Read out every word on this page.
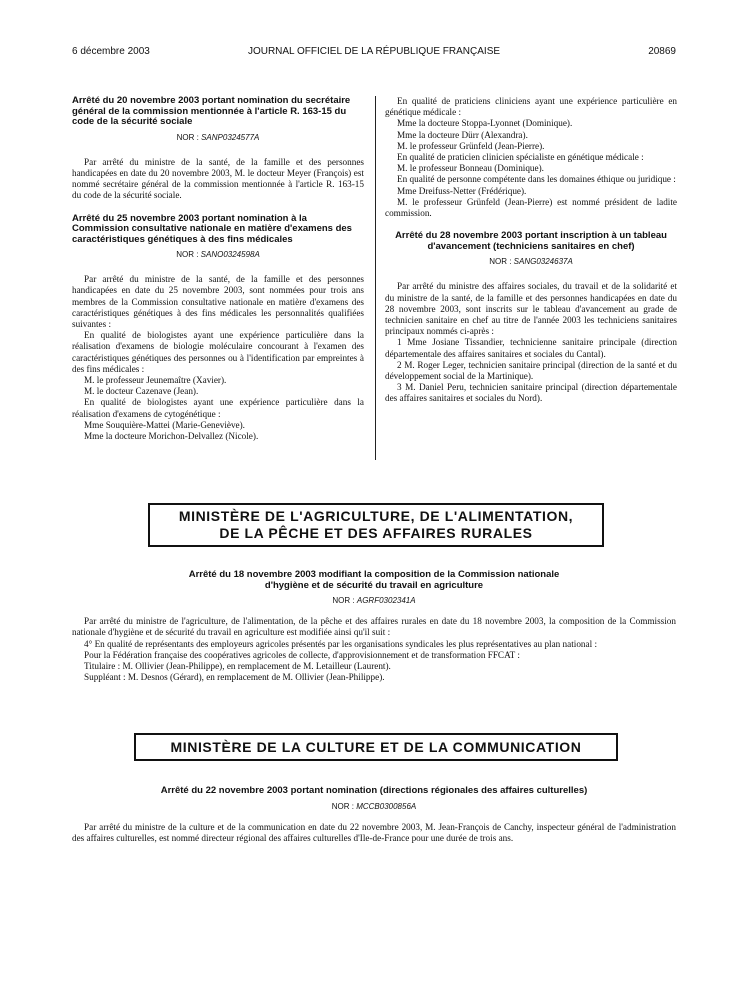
6 décembre 2003	JOURNAL OFFICIEL DE LA RÉPUBLIQUE FRANÇAISE	20869
Arrêté du 20 novembre 2003 portant nomination du secrétaire général de la commission mentionnée à l'article R. 163-15 du code de la sécurité sociale

NOR : SANP0324577A

Par arrêté du ministre de la santé, de la famille et des personnes handicapées en date du 20 novembre 2003, M. le docteur Meyer (François) est nommé secrétaire général de la commission mentionnée à l'article R. 163-15 du code de la sécurité sociale.

Arrêté du 25 novembre 2003 portant nomination à la Commission consultative nationale en matière d'examens des caractéristiques génétiques à des fins médicales

NOR : SANO0324598A

Par arrêté du ministre de la santé, de la famille et des personnes handicapées en date du 25 novembre 2003, sont nommées pour trois ans membres de la Commission consultative nationale en matière d'examens des caractéristiques génétiques à des fins médicales les personnalités qualifiées suivantes :

En qualité de biologistes ayant une expérience particulière dans la réalisation d'examens de biologie moléculaire concourant à l'examen des caractéristiques génétiques des personnes ou à l'identification par empreintes à des fins médicales :

M. le professeur Jeunemaître (Xavier).

M. le docteur Cazenave (Jean).

En qualité de biologistes ayant une expérience particulière dans la réalisation d'examens de cytogénétique :

Mme Souquière-Mattei (Marie-Geneviève).

Mme la docteure Morichon-Delvallez (Nicole).

En qualité de praticiens cliniciens ayant une expérience particulière en génétique médicale :

Mme la docteure Stoppa-Lyonnet (Dominique).

Mme la docteure Dürr (Alexandra).

M. le professeur Grünfeld (Jean-Pierre).

En qualité de praticien clinicien spécialiste en génétique médicale :

M. le professeur Bonneau (Dominique).

En qualité de personne compétente dans les domaines éthique ou juridique :

Mme Dreifuss-Netter (Frédérique).

M. le professeur Grünfeld (Jean-Pierre) est nommé président de ladite commission.

Arrêté du 28 novembre 2003 portant inscription à un tableau d'avancement (techniciens sanitaires en chef)

NOR : SANG0324637A

Par arrêté du ministre des affaires sociales, du travail et de la solidarité et du ministre de la santé, de la famille et des personnes handicapées en date du 28 novembre 2003, sont inscrits sur le tableau d'avancement au grade de technicien sanitaire en chef au titre de l'année 2003 les techniciens sanitaires principaux nommés ci-après :

1 Mme Josiane Tissandier, technicienne sanitaire principale (direction départementale des affaires sanitaires et sociales du Cantal).

2 M. Roger Leger, technicien sanitaire principal (direction de la santé et du développement social de la Martinique).

3 M. Daniel Peru, technicien sanitaire principal (direction départementale des affaires sanitaires et sociales du Nord).

MINISTÈRE DE L'AGRICULTURE, DE L'ALIMENTATION,
DE LA PÊCHE ET DES AFFAIRES RURALES
Arrêté du 18 novembre 2003 modifiant la composition de la Commission nationale
d'hygiène et de sécurité du travail en agriculture

NOR : AGRF0302341A

Par arrêté du ministre de l'agriculture, de l'alimentation, de la pêche et des affaires rurales en date du 18 novembre 2003, la composition de la Commission nationale d'hygiène et de sécurité du travail en agriculture est modifiée ainsi qu'il suit :

4° En qualité de représentants des employeurs agricoles présentés par les organisations syndicales les plus représentatives au plan national :

Pour la Fédération française des coopératives agricoles de collecte, d'approvisionnement et de transformation FFCAT :

Titulaire : M. Ollivier (Jean-Philippe), en remplacement de M. Letailleur (Laurent).

Suppléant : M. Desnos (Gérard), en remplacement de M. Ollivier (Jean-Philippe).

MINISTÈRE DE LA CULTURE ET DE LA COMMUNICATION
Arrêté du 22 novembre 2003 portant nomination (directions régionales des affaires culturelles)

NOR : MCCB0300856A

Par arrêté du ministre de la culture et de la communication en date du 22 novembre 2003, M. Jean-François de Canchy, inspecteur général de l'administration des affaires culturelles, est nommé directeur régional des affaires culturelles d'Ile-de-France pour une durée de trois ans.
